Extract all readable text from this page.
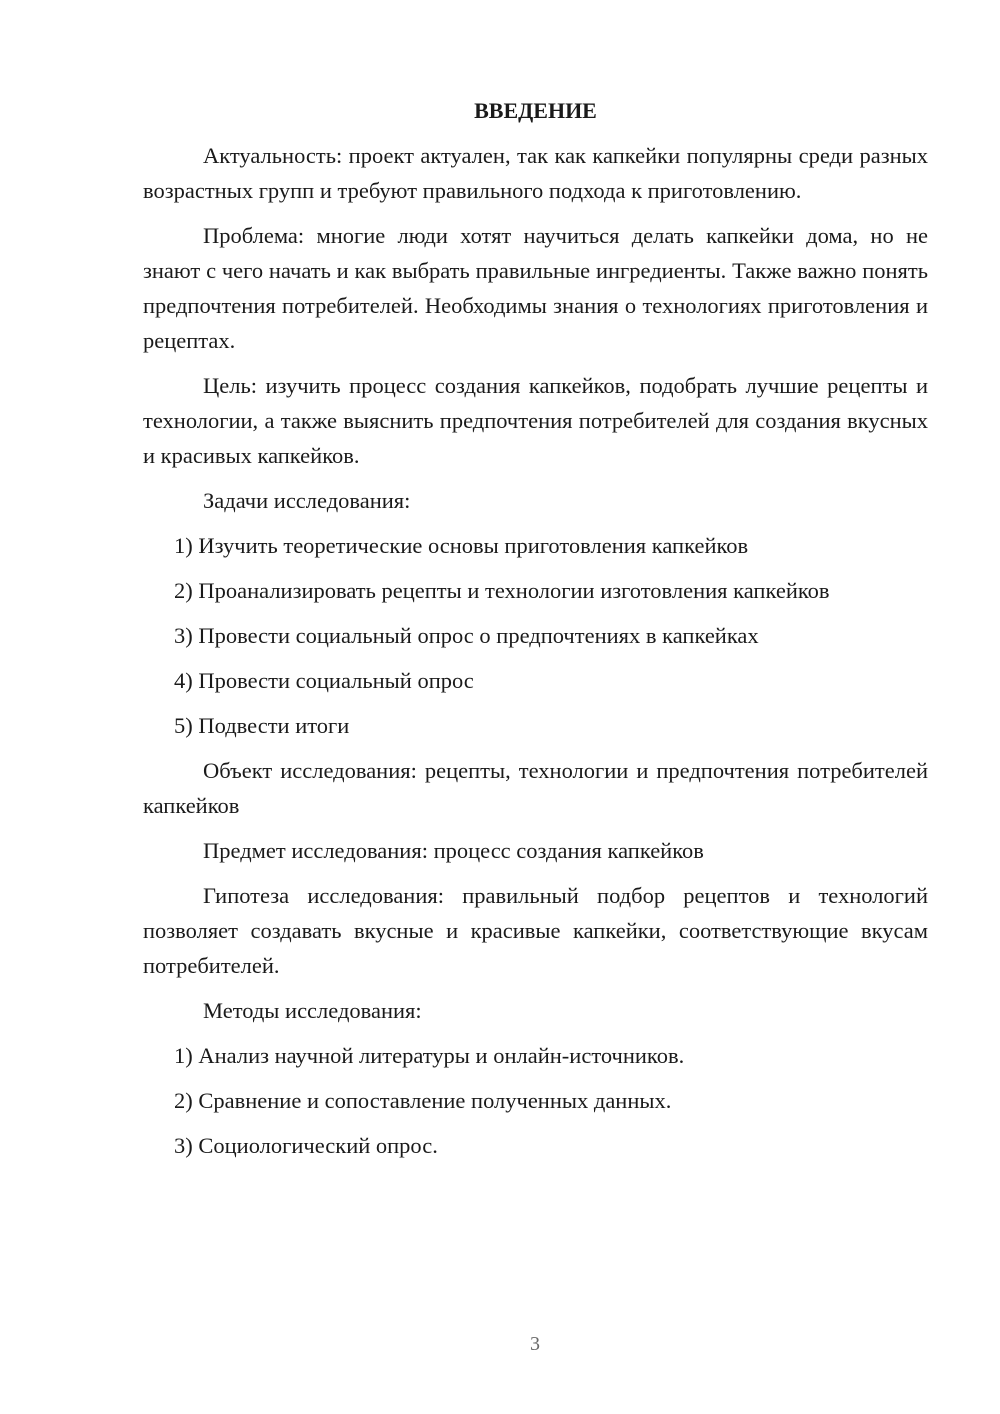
ВВЕДЕНИЕ

Актуальность: проект актуален, так как капкейки популярны среди разных возрастных групп и требуют правильного подхода к приготовлению.

Проблема: многие люди хотят научиться делать капкейки дома, но не знают с чего начать и как выбрать правильные ингредиенты. Также важно понять предпочтения потребителей. Необходимы знания о технологиях приготовления и рецептах.

Цель: изучить процесс создания капкейков, подобрать лучшие рецепты и технологии, а также выяснить предпочтения потребителей для создания вкусных и красивых капкейков.

Задачи исследования:

1) Изучить теоретические основы приготовления капкейков

2) Проанализировать рецепты и технологии изготовления капкейков

3) Провести социальный опрос о предпочтениях в капкейках

4) Провести социальный опрос

5) Подвести итоги

Объект исследования: рецепты, технологии и предпочтения потребителей капкейков

Предмет исследования: процесс создания капкейков

Гипотеза исследования: правильный подбор рецептов и технологий позволяет создавать вкусные и красивые капкейки, соответствующие вкусам потребителей.

Методы исследования:

1) Анализ научной литературы и онлайн-источников.

2) Сравнение и сопоставление полученных данных.

3) Социологический опрос.

3
